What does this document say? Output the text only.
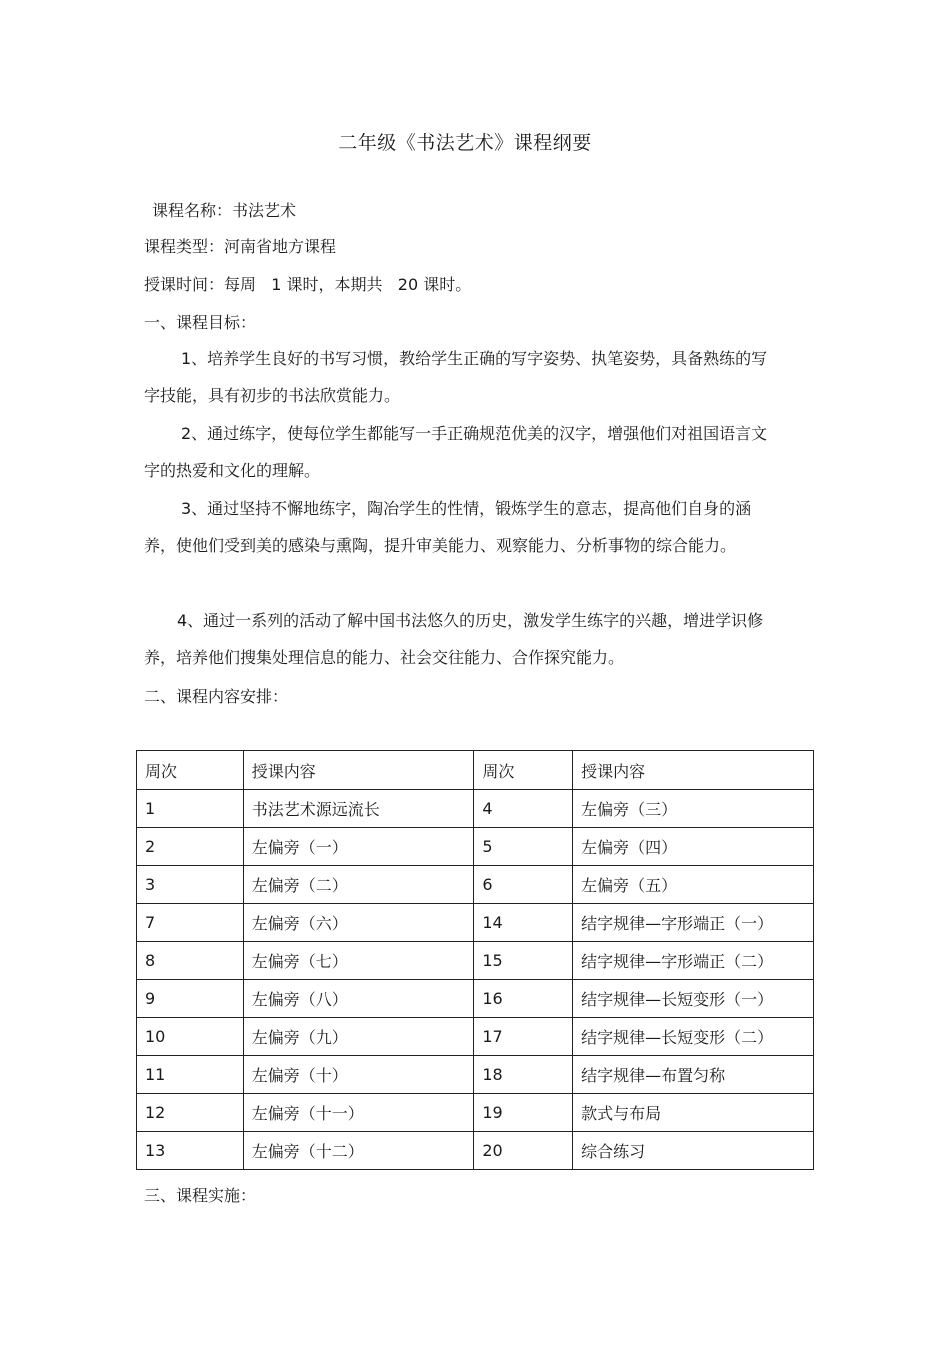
二年级《书法艺术》课程纲要
课程名称：书法艺术
课程类型：河南省地方课程
授课时间：每周   1 课时，本期共   20 课时。
一、课程目标：
1、培养学生良好的书写习惯，教给学生正确的写字姿势、执笔姿势，具备熟练的写字技能，具有初步的书法欣赏能力。
2、通过练字，使每位学生都能写一手正确规范优美的汉字，增强他们对祖国语言文字的热爱和文化的理解。
3、通过坚持不懈地练字，陶冶学生的性情，锻炼学生的意志，提高他们自身的涵养，使他们受到美的感染与熏陶，提升审美能力、观察能力、分析事物的综合能力。
4、通过一系列的活动了解中国书法悠久的历史，激发学生练字的兴趣，增进学识修养，培养他们搜集处理信息的能力、社会交往能力、合作探究能力。
二、课程内容安排：
周次	授课内容	周次	授课内容
1	书法艺术源远流长	4	左偏旁（三）
2	左偏旁（一）	5	左偏旁（四）
3	左偏旁（二）	6	左偏旁（五）
7	左偏旁（六）	14	结字规律—字形端正（一）
8	左偏旁（七）	15	结字规律—字形端正（二）
9	左偏旁（八）	16	结字规律—长短变形（一）
10	左偏旁（九）	17	结字规律—长短变形（二）
11	左偏旁（十）	18	结字规律—布置匀称
12	左偏旁（十一）	19	款式与布局
13	左偏旁（十二）	20	综合练习
三、课程实施：
